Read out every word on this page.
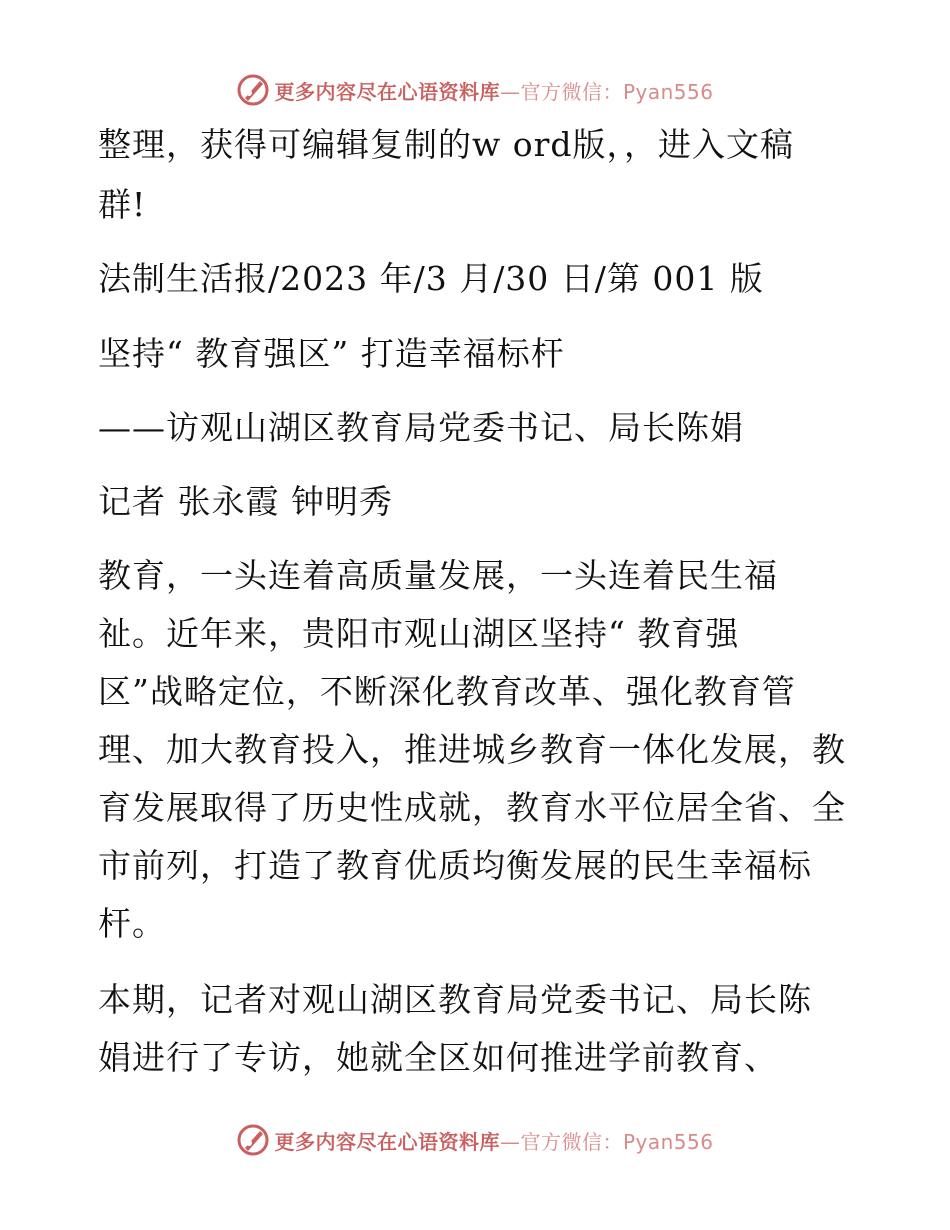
更多内容尽在心语资料库—官方微信：Pyan556
整理，获得可编辑复制的w ord版，，进入文稿
群!
法制生活报/2023 年/3 月/30 日/第 001 版
坚持“ 教育强区” 打造幸福标杆
——访观山湖区教育局党委书记、局长陈娟
记者 张永霞 钟明秀
教育，一头连着高质量发展，一头连着民生福
祉。近年来，贵阳市观山湖区坚持“ 教育强
区”战略定位，不断深化教育改革、强化教育管
理、加大教育投入，推进城乡教育一体化发展，教
育发展取得了历史性成就，教育水平位居全省、全
市前列，打造了教育优质均衡发展的民生幸福标
杆。
本期，记者对观山湖区教育局党委书记、局长陈
娟进行了专访，她就全区如何推进学前教育、
更多内容尽在心语资料库—官方微信：Pyan556
